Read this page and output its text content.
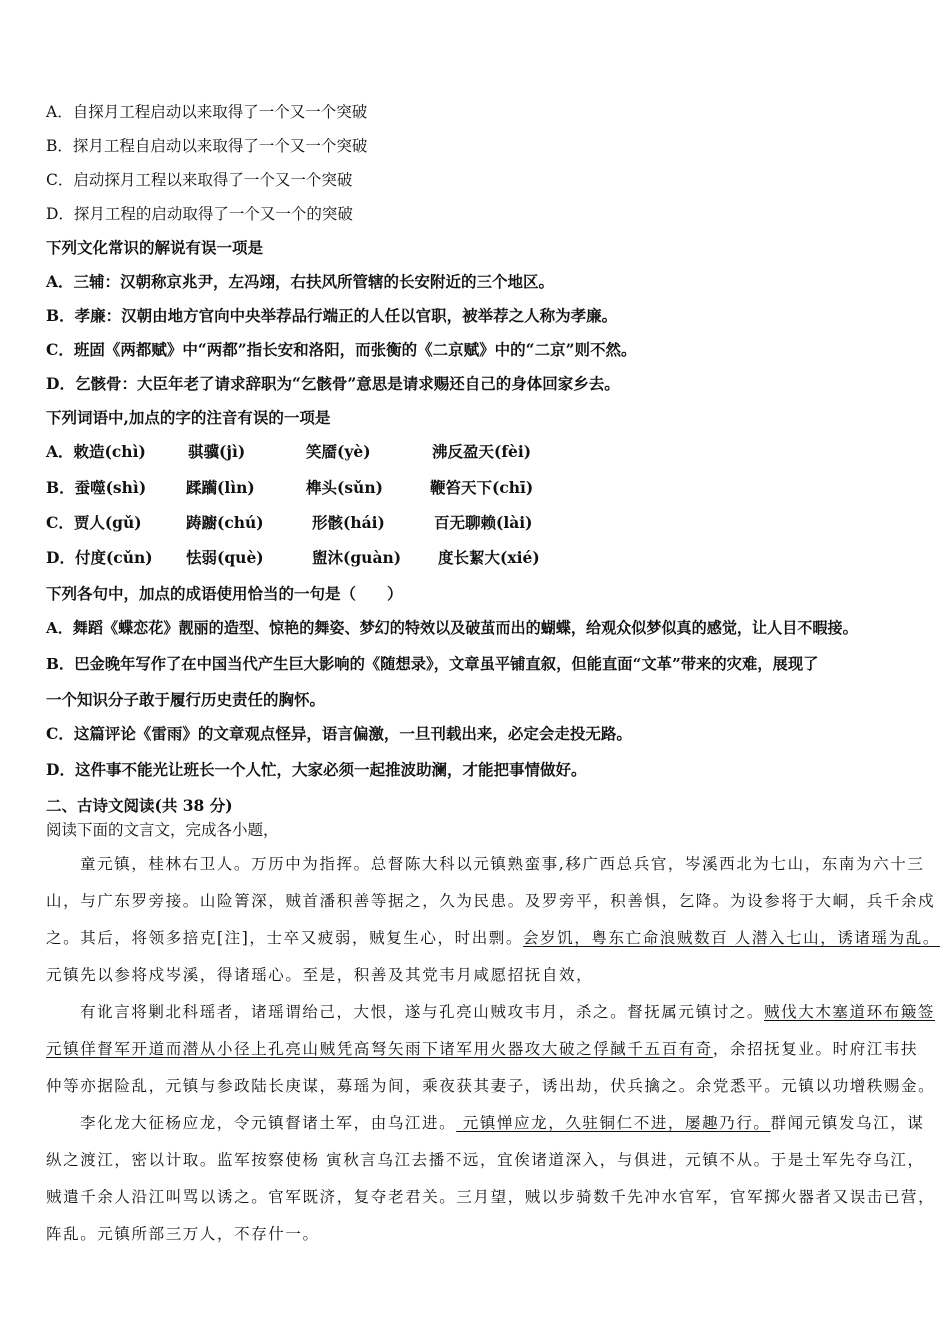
A．自探月工程启动以来取得了一个又一个突破
B．探月工程自启动以来取得了一个又一个突破
C．启动探月工程以来取得了一个又一个突破
D．探月工程的启动取得了一个又一个的突破
下列文化常识的解说有误一项是
A．三辅：汉朝称京兆尹，左冯翊，右扶风所管辖的长安附近的三个地区。
B．孝廉：汉朝由地方官向中央举荐品行端正的人任以官职，被举荐之人称为孝廉。
C．班固《两都赋》中“两都”指长安和洛阳，而张衡的《二京赋》中的“二京”则不然。
D．乞骸骨：大臣年老了请求辞职为“乞骸骨”意思是请求赐还自己的身体回家乡去。
下列词语中,加点的字的注音有误的一项是
A．敕造(chì)	骐骥(jì)	笑靥(yè)	沸反盈天(fèi)
B．蚕噬(shì)	蹂躏(lìn)	榫头(sǔn)	鞭笞天下(chī)
C．贾人(gǔ)	踌躕(chú)	形骸(hái)	百无聊赖(lài)
D．付度(cǔn) 怯弱(què)	盥沐(guàn) 度长絜大(xié)
下列各句中，加点的成语使用恰当的一句是（　　）
A．舞蹈《蝶恋花》靓丽的造型、惊艳的舞姿、梦幻的特效以及破茧而出的蝴蝶，给观众似梦似真的感觉，让人目不暇接。
B．巴金晚年写作了在中国当代产生巨大影响的《随想录》，文章虽平铺直叙，但能直面“文革”带来的灾难，展现了
一个知识分子敢于履行历史责任的胸怀。
C．这篇评论《雷雨》的文章观点怪异，语言偏激，一旦刊载出来，必定会走投无路。
D．这件事不能光让班长一个人忙，大家必须一起推波助澜，才能把事情做好。
二、古诗文阅读(共 38 分)
阅读下面的文言文，完成各小题，
童元镇，桂林右卫人。万历中为指挥。总督陈大科以元镇熟蛮事,移广西总兵官，岑溪西北为七山，东南为六十三
山，与广东罗旁接。山险箐深，贼首潘积善等据之，久为民患。及罗旁平，积善惧，乞降。为设参将于大峒，兵千余戍
之。其后，将领多掊克[注]，士卒又疲弱，贼复生心，时出剽。会岁饥，粤东亡命浪贼数百 人潜入七山，诱诸瑶为乱。
元镇先以参将戍岑溪，得诸瑶心。至是，积善及其党韦月咸愿招抚自效，
有讹言将剿北科瑶者，诸瑶谓绐己，大恨，遂与孔亮山贼攻韦月，杀之。督抚属元镇讨之。贼伐大木塞道环布簸签
元镇佯督军开道而潜从小径上孔亮山贼凭高弩矢雨下诸军用火器攻大破之俘馘千五百有奇，余招抚复业。时府江韦扶
仲等亦据险乱，元镇与参政陆长庚谋，募瑶为间，乘夜获其妻子，诱出劫，伏兵擒之。余党悉平。元镇以功增秩赐金。
李化龙大征杨应龙，令元镇督诸土军，由乌江进。 元镇惮应龙，久驻铜仁不进，屡趣乃行。群闻元镇发乌江，谋
纵之渡江，密以计取。监军按察使杨 寅秋言乌江去播不远，宜俟诸道深入，与俱进，元镇不从。于是土军先夺乌江，
贼遣千余人沿江叫骂以诱之。官军既济，复夺老君关。三月望，贼以步骑数千先冲水官军，官军掷火器者又误击已营，
阵乱。元镇所部三万人，不存什一。
